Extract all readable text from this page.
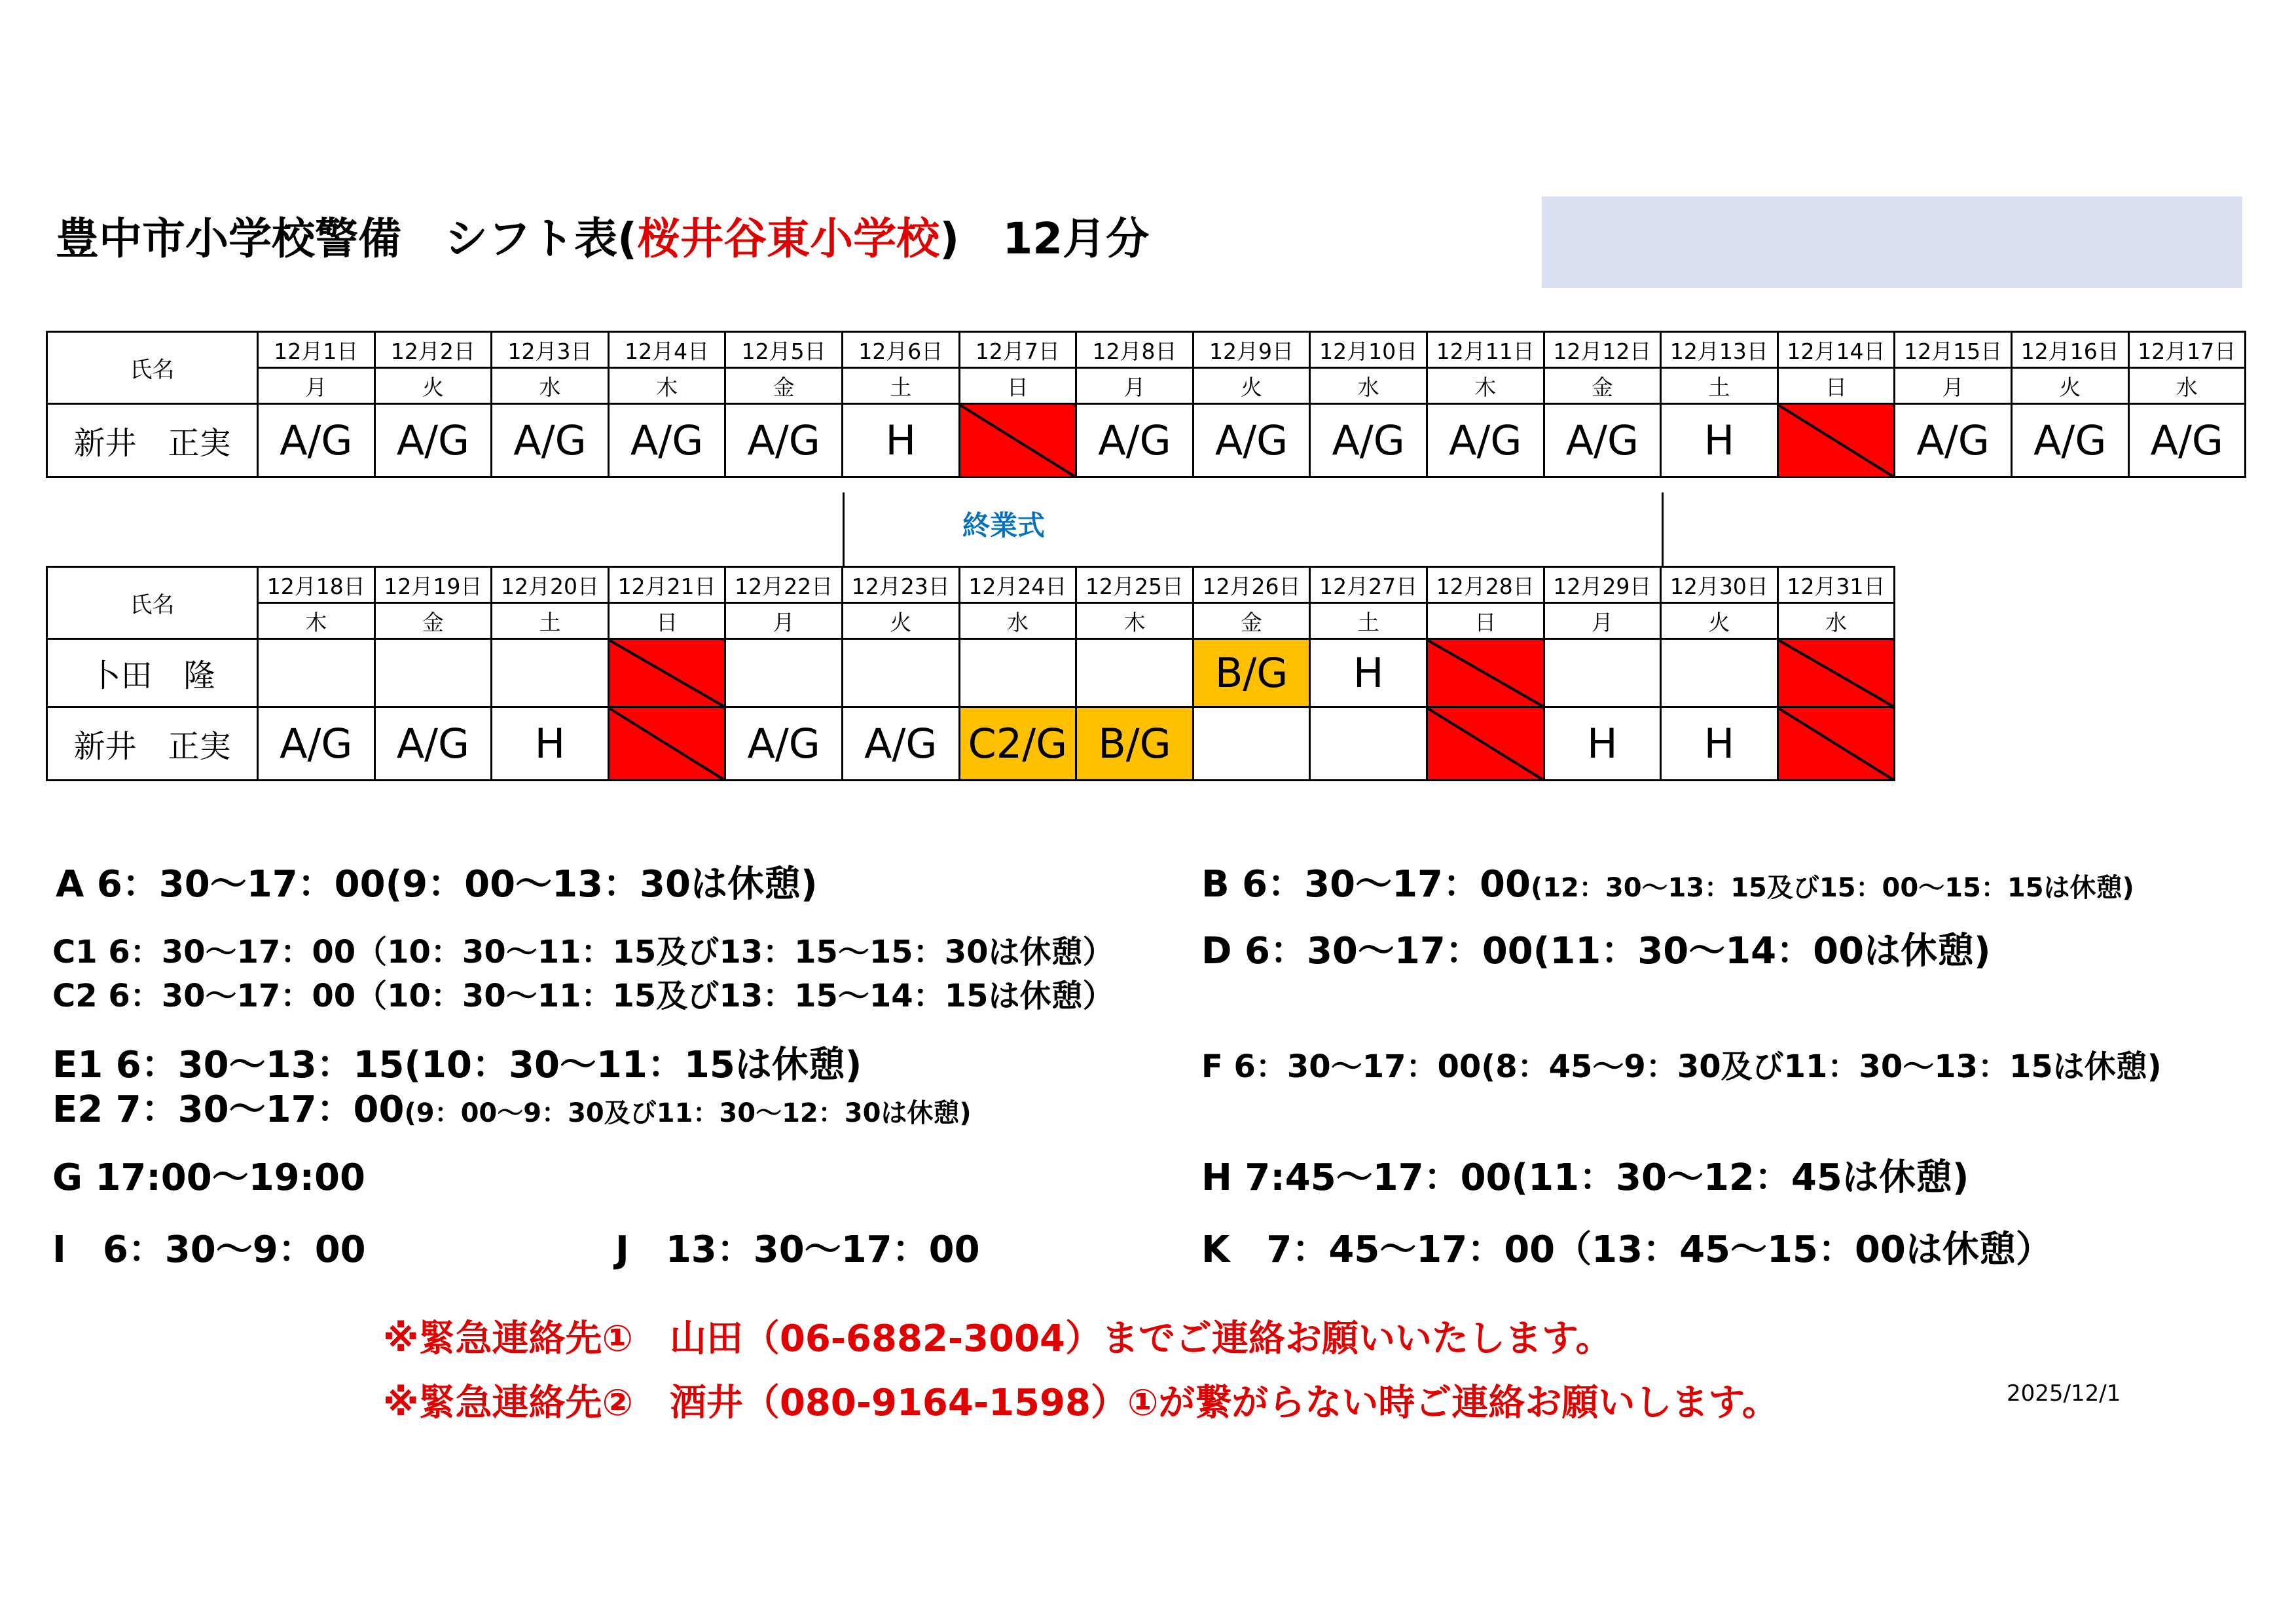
豊中市小学校警備　シフト表(桜井谷東小学校)　12月分
氏名	12月1日	12月2日	12月3日	12月4日	12月5日	12月6日	12月7日	12月8日	12月9日	12月10日	12月11日	12月12日	12月13日	12月14日	12月15日	12月16日	12月17日
	月	火	水	木	金	土	日	月	火	水	木	金	土	日	月	火	水
新井　正実	A/G	A/G	A/G	A/G	A/G	H		A/G	A/G	A/G	A/G	A/G	H		A/G	A/G	A/G
終業式
氏名	12月18日	12月19日	12月20日	12月21日	12月22日	12月23日	12月24日	12月25日	12月26日	12月27日	12月28日	12月29日	12月30日	12月31日
	木	金	土	日	月	火	水	木	金	土	日	月	火	水
卜田　隆									B/G	H				
新井　正実	A/G	A/G	H		A/G	A/G	C2/G	B/G				H	H	
A 6：30〜17：00(9：00〜13：30は休憩)	B 6：30〜17：00(12：30〜13：15及び15：00〜15：15は休憩)
C1 6：30〜17：00（10：30〜11：15及び13：15〜15：30は休憩） D 6：30〜17：00(11：30〜14：00は休憩)
C2 6：30〜17：00（10：30〜11：15及び13：15〜14：15は休憩）
E1 6：30〜13：15(10：30〜11：15は休憩)	F 6：30〜17：00(8：45〜9：30及び11：30〜13：15は休憩)
E2 7：30〜17：00(9：00〜9：30及び11：30〜12：30は休憩)
G 17:00〜19:00	H 7:45〜17：00(11：30〜12：45は休憩)
I　6：30〜9：00	J　13：30〜17：00	K　7：45〜17：00（13：45〜15：00は休憩）
※緊急連絡先①　山田（06-6882-3004）までご連絡お願いいたします。
※緊急連絡先②　酒井（080-9164-1598）①が繋がらない時ご連絡お願いします。	2025/12/1
